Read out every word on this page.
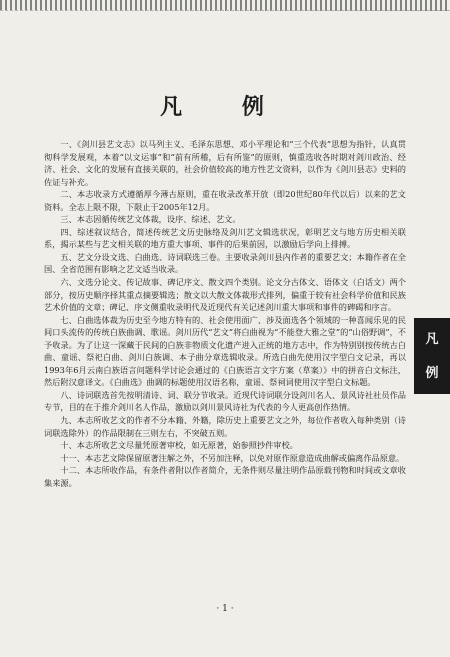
凡 例

一、《剑川县艺文志》以马列主义、毛泽东思想、邓小平理论和“三个代表”思想为指针，认真贯彻科学发展观，本着“以文运事”和“前有所稽，后有所鉴”的原则，慎重选收各时期对剑川政治、经济、社会、文化的发展有直接关联的，社会价值较高的地方性艺文资料，以作为《剑川县志》史料的佐证与补充。

二、本志收录方式遵循厚今薄古原则，重在收录改革开放（即20世纪80年代以后）以来的艺文资料。全志上限不限，下限止于2005年12月。

三、本志因循传统艺文体裁，设序、综述、艺文。

四、综述叙议结合，简述传统艺文历史脉络及剑川艺文辑选状况，彰明艺文与地方历史相关联系，揭示某些与艺文相关联的地方重大事项、事件的后果前因，以激励后学向上排搏。

五、艺文分设文选、白曲选、诗词联选三卷。主要收录剑川县内作者的重要艺文；本籍作者在全国、全省范围有影响之艺文适当收录。

六、文选分论文、传记故事、碑记序文、散文四个类别。论文分古体文、语体文（白话文）两个部分，按历史顺序择其重点摘要辑选；散文以大散文体裁形式排列，偏重于较有社会科学价值和民族艺术价值的文章；碑记、序文侧重收录明代及近现代有关记述剑川重大事项和事件的碑碣和序言。

七、白曲选体裁为历史至今地方特有的、社会使用面广、涉及面选各个领域的一种喜闻乐见的民间口头流传的传统白族曲调、歌谣。剑川历代“艺文”将白曲视为“不能登大雅之堂”的“山俗野调”，不予收录。为了让这一深藏于民间的白族非物质文化遗产进入正统的地方志中，作为特别别按传统古白曲、童谣、祭祀白曲、剑川白族调、本子曲分章选辑收录。所选白曲先使用汉字型白文记录，再以1993年6月云南白族语言问题科学讨论会通过的《白族语言文字方案（草案）》中的拼音白文标注，然后附汉意译文。《白曲选》曲调的标题使用汉语名称，童谣、祭祠词使用汉字型白文标题。

八、诗词联选首先按明清诗、词、联分节收录。近现代诗词联分设剑川名人、景风诗社社员作品专节，目的在于推介剑川名人作品，激励以剑川景风诗社为代表的今人更高创作热情。

九、本志所收艺文的作者不分本籍、外籍，除历史上重要艺文之外，每位作者收入每种类别（诗词联选除外）的作品限制在三则左右，不突破五则。

十、本志所收艺文尽量凭原著审校，如无原著，始参照抄件审校。

十一、本志艺文除保留原著注解之外，不另加注释，以免对原作原意造成曲解或偏离作品原意。

十二、本志所收作品，有条件者附以作者简介，无条件则尽量注明作品原载刊物和时间或文章收集来源。

凡
例
· 1 ·
